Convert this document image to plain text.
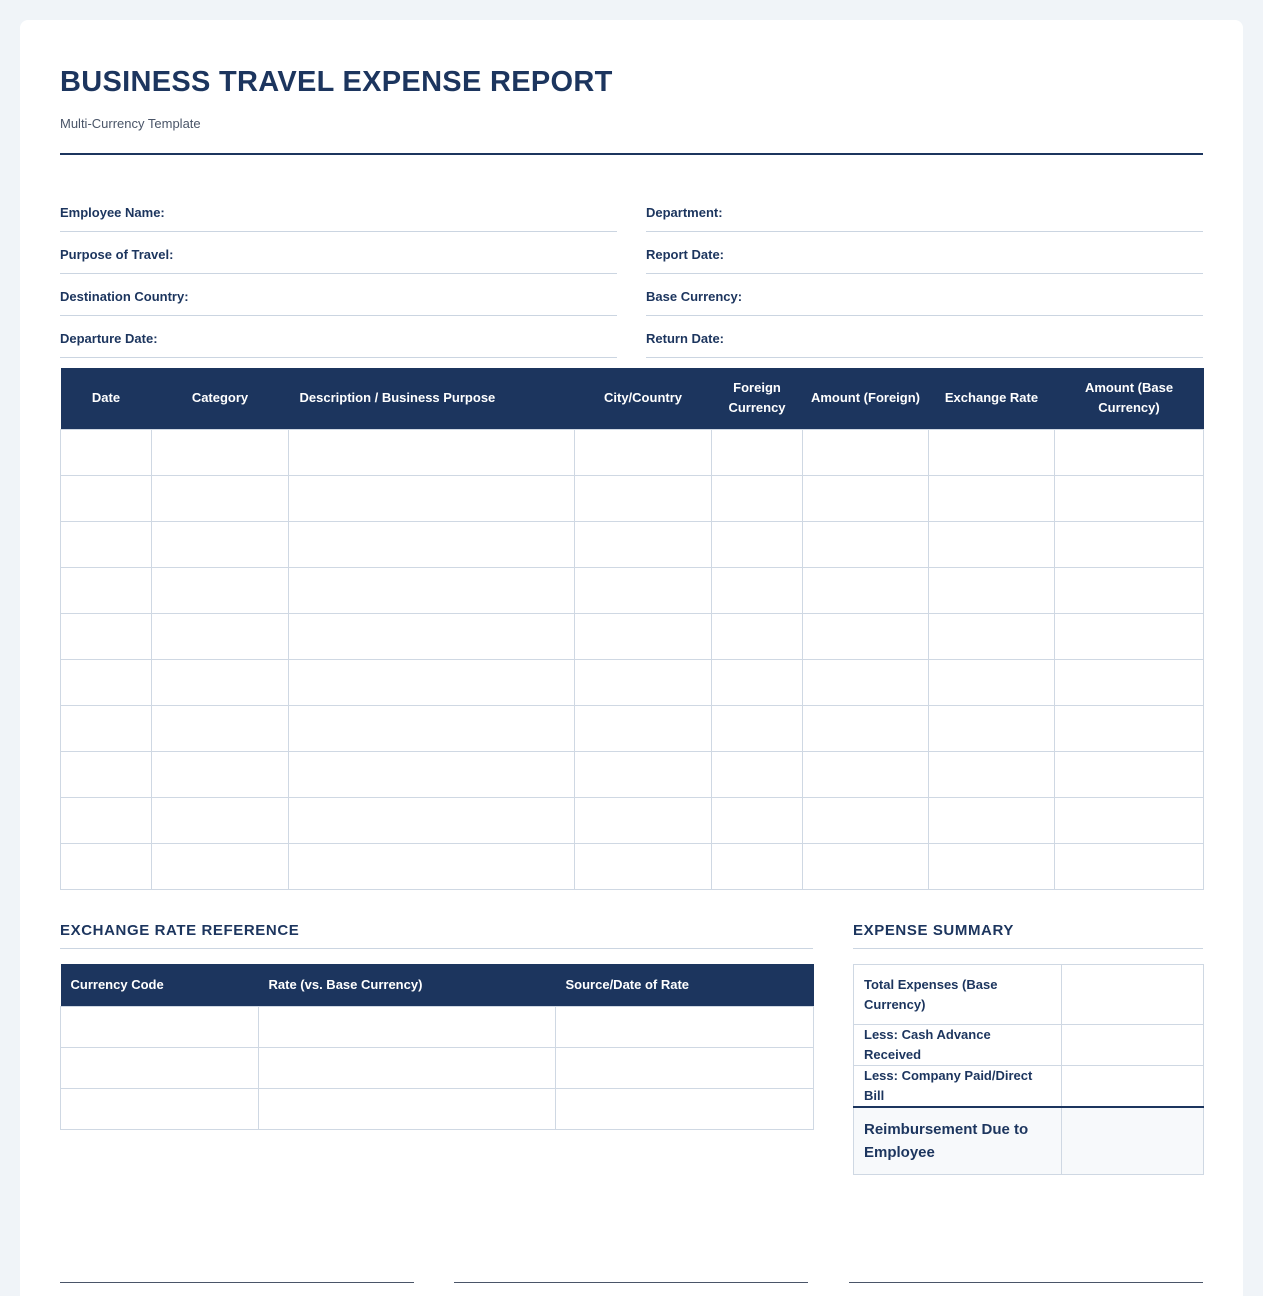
BUSINESS TRAVEL EXPENSE REPORT
Multi-Currency Template
Employee Name:	Department:
Purpose of Travel:	Report Date:
Destination Country:	Base Currency:
Departure Date:	Return Date:
Date	Category	Description / Business Purpose	City/Country	Foreign Currency	Amount (Foreign)	Exchange Rate	Amount (Base Currency)

EXCHANGE RATE REFERENCE
Currency Code	Rate (vs. Base Currency)	Source/Date of Rate

EXPENSE SUMMARY
Total Expenses (Base Currency)	
Less: Cash Advance Received	
Less: Company Paid/Direct Bill	
Reimbursement Due to Employee	
